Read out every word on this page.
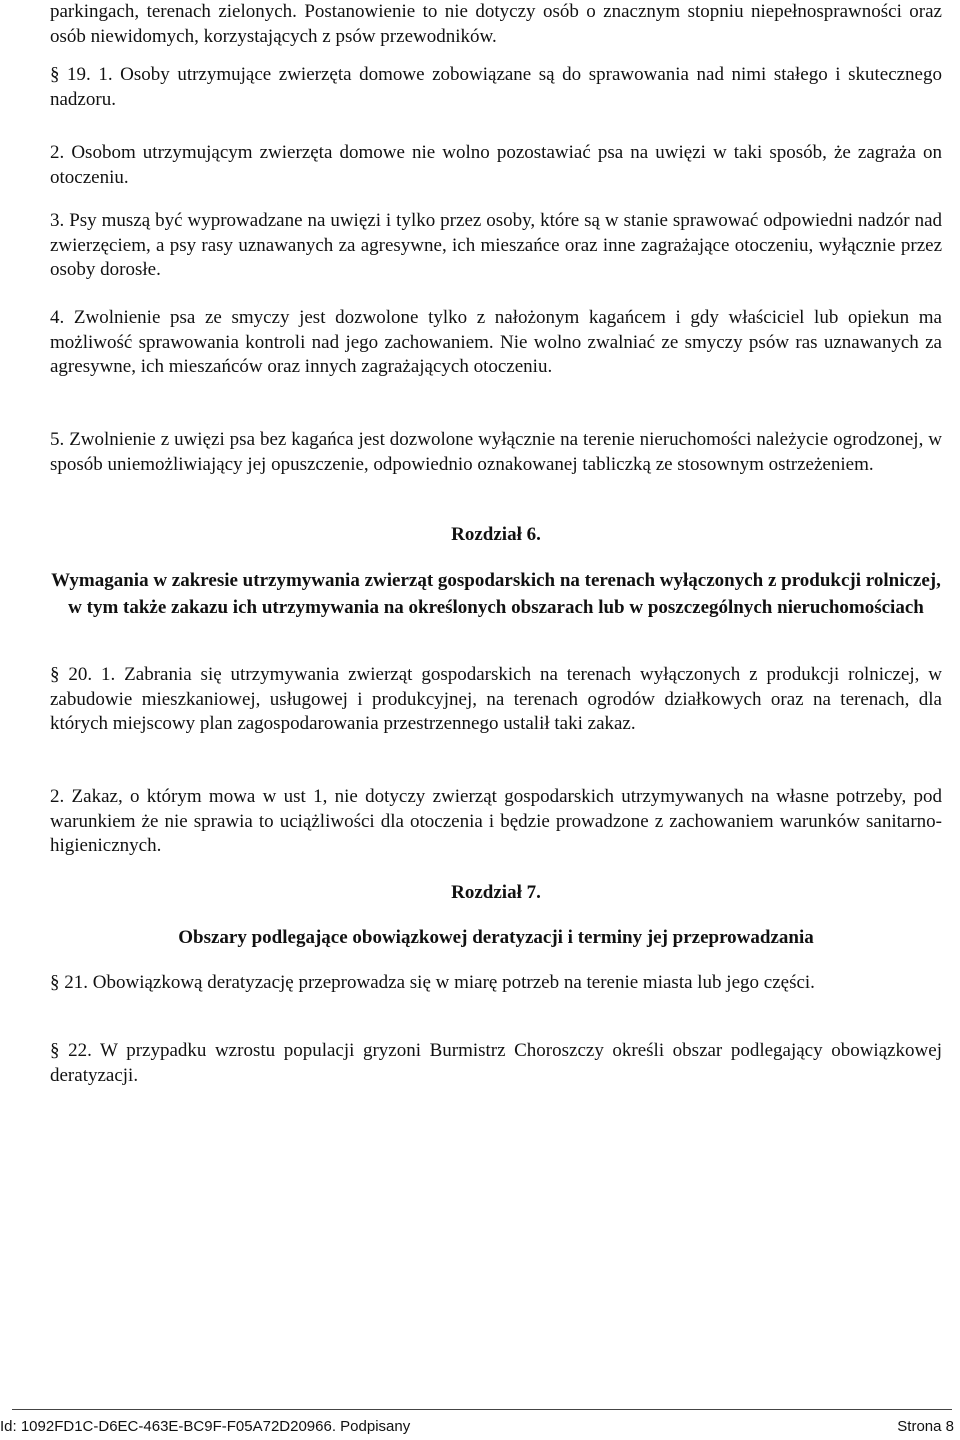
parkingach, terenach zielonych. Postanowienie to nie dotyczy osób o znacznym stopniu niepełnosprawności oraz osób niewidomych, korzystających z psów przewodników.

§ 19. 1. Osoby utrzymujące zwierzęta domowe zobowiązane są do sprawowania nad nimi stałego i skutecznego nadzoru.

2. Osobom utrzymującym zwierzęta domowe nie wolno pozostawiać psa na uwięzi w taki sposób, że zagraża on otoczeniu.

3. Psy muszą być wyprowadzane na uwięzi i tylko przez osoby, które są w stanie sprawować odpowiedni nadzór nad zwierzęciem, a psy rasy uznawanych za agresywne, ich mieszańce oraz inne zagrażające otoczeniu, wyłącznie przez osoby dorosłe.

4. Zwolnienie psa ze smyczy jest dozwolone tylko z nałożonym kagańcem i gdy właściciel lub opiekun ma możliwość sprawowania kontroli nad jego zachowaniem. Nie wolno zwalniać ze smyczy psów ras uznawanych za agresywne, ich mieszańców oraz innych zagrażających otoczeniu.

5. Zwolnienie z uwięzi psa bez kagańca jest dozwolone wyłącznie na terenie nieruchomości należycie ogrodzonej, w sposób uniemożliwiający jej opuszczenie, odpowiednio oznakowanej tabliczką ze stosownym ostrzeżeniem.

Rozdział 6.
Wymagania w zakresie utrzymywania zwierząt gospodarskich na terenach wyłączonych z produkcji rolniczej, w tym także zakazu ich utrzymywania na określonych obszarach lub w poszczególnych nieruchomościach

§ 20. 1. Zabrania się utrzymywania zwierząt gospodarskich na terenach wyłączonych z produkcji rolniczej, w zabudowie mieszkaniowej, usługowej i produkcyjnej, na terenach ogrodów działkowych oraz na terenach, dla których miejscowy plan zagospodarowania przestrzennego ustalił taki zakaz.

2. Zakaz, o którym mowa w ust 1, nie dotyczy zwierząt gospodarskich utrzymywanych na własne potrzeby, pod warunkiem że nie sprawia to uciążliwości dla otoczenia i będzie prowadzone z zachowaniem warunków sanitarno-higienicznych.

Rozdział 7.
Obszary podlegające obowiązkowej deratyzacji i terminy jej przeprowadzania

§ 21. Obowiązkową deratyzację przeprowadza się w miarę potrzeb na terenie miasta lub jego części.

§ 22. W przypadku wzrostu populacji gryzoni Burmistrz Choroszczy określi obszar podlegający obowiązkowej deratyzacji.

Id: 1092FD1C-D6EC-463E-BC9F-F05A72D20966. Podpisany	Strona 8
